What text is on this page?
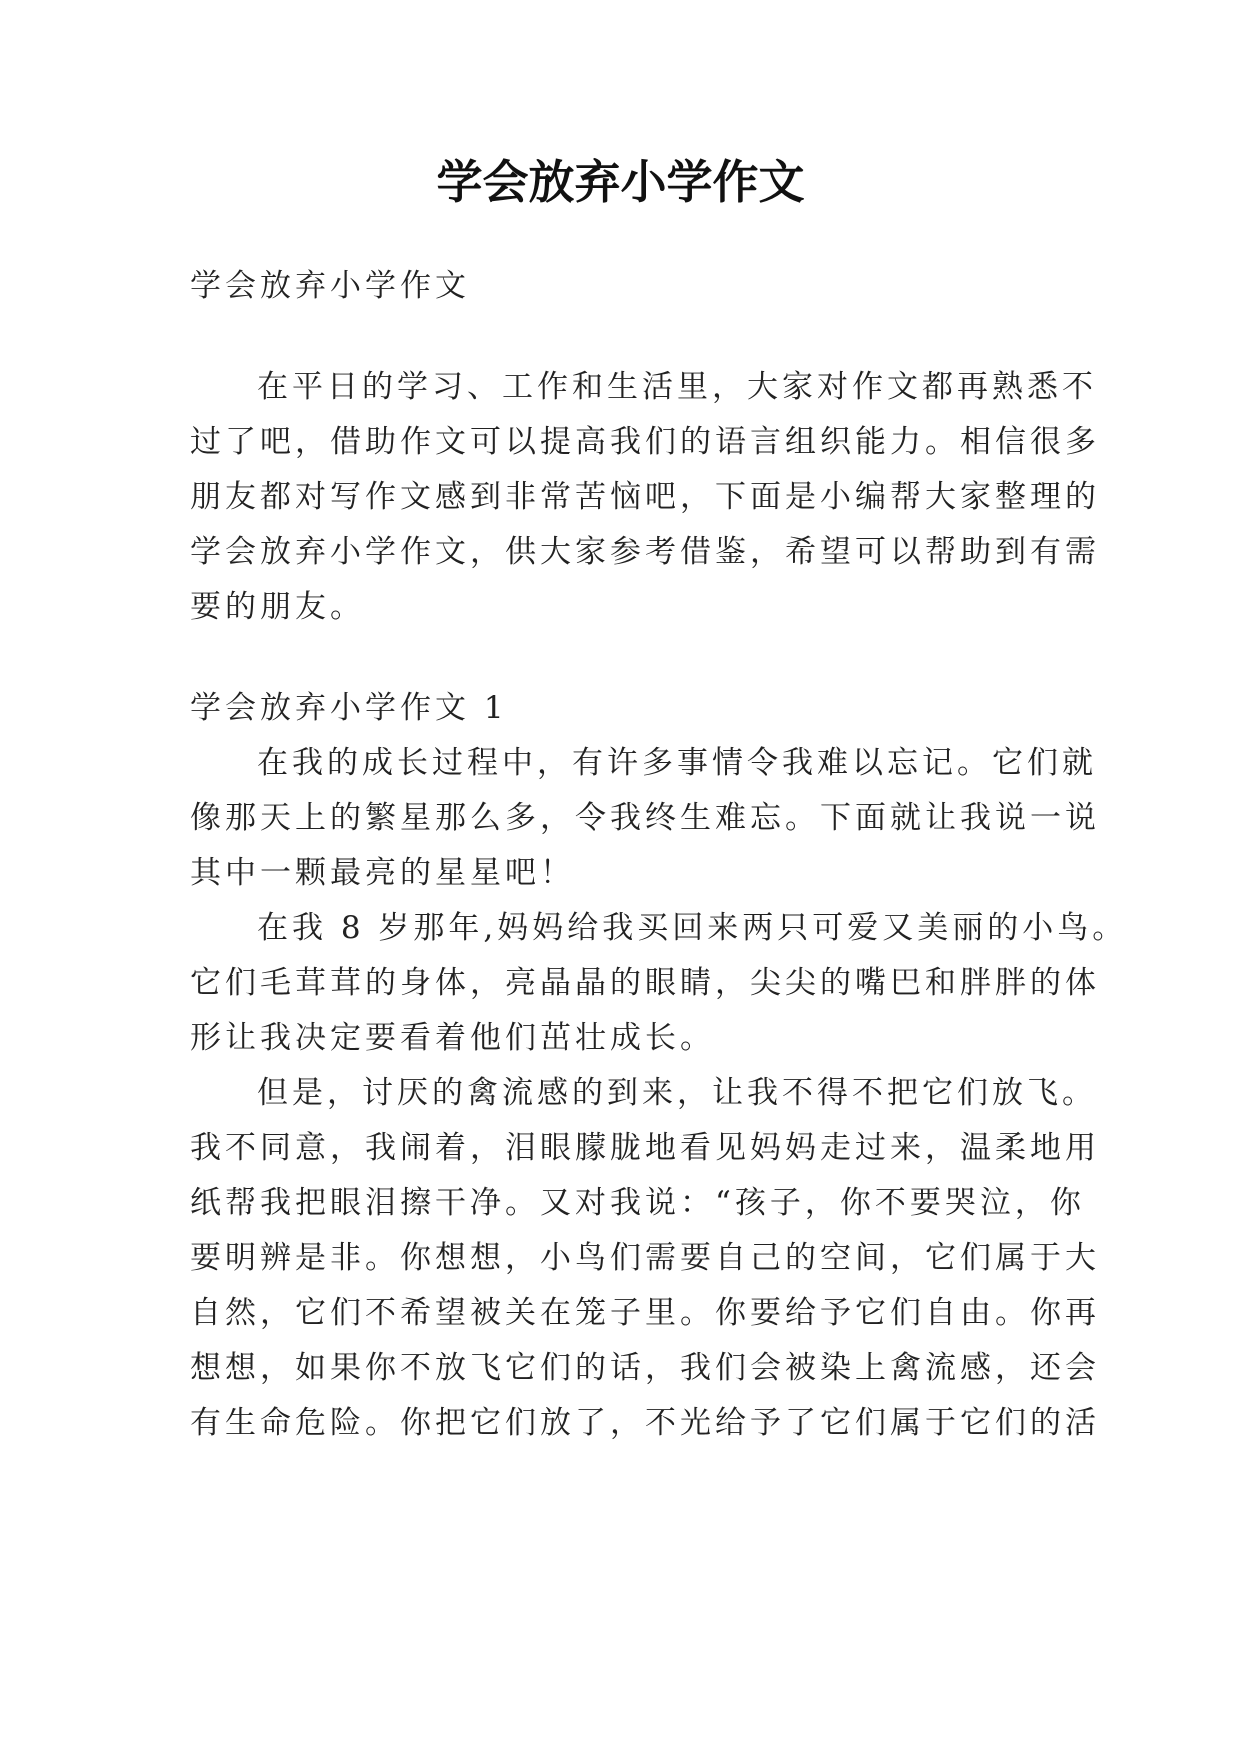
学会放弃小学作文
学会放弃小学作文
在平日的学习、工作和生活里，大家对作文都再熟悉不
过了吧，借助作文可以提高我们的语言组织能力。相信很多
朋友都对写作文感到非常苦恼吧，下面是小编帮大家整理的
学会放弃小学作文，供大家参考借鉴，希望可以帮助到有需
要的朋友。
学会放弃小学作文 1
在我的成长过程中，有许多事情令我难以忘记。它们就
像那天上的繁星那么多，令我终生难忘。下面就让我说一说
其中一颗最亮的星星吧！
在我 8 岁那年,妈妈给我买回来两只可爱又美丽的小鸟。
它们毛茸茸的身体，亮晶晶的眼睛，尖尖的嘴巴和胖胖的体
形让我决定要看着他们茁壮成长。
但是，讨厌的禽流感的到来，让我不得不把它们放飞。
我不同意，我闹着，泪眼朦胧地看见妈妈走过来，温柔地用
纸帮我把眼泪擦干净。又对我说：“孩子，你不要哭泣，你
要明辨是非。你想想，小鸟们需要自己的空间，它们属于大
自然，它们不希望被关在笼子里。你要给予它们自由。你再
想想，如果你不放飞它们的话，我们会被染上禽流感，还会
有生命危险。你把它们放了，不光给予了它们属于它们的活
